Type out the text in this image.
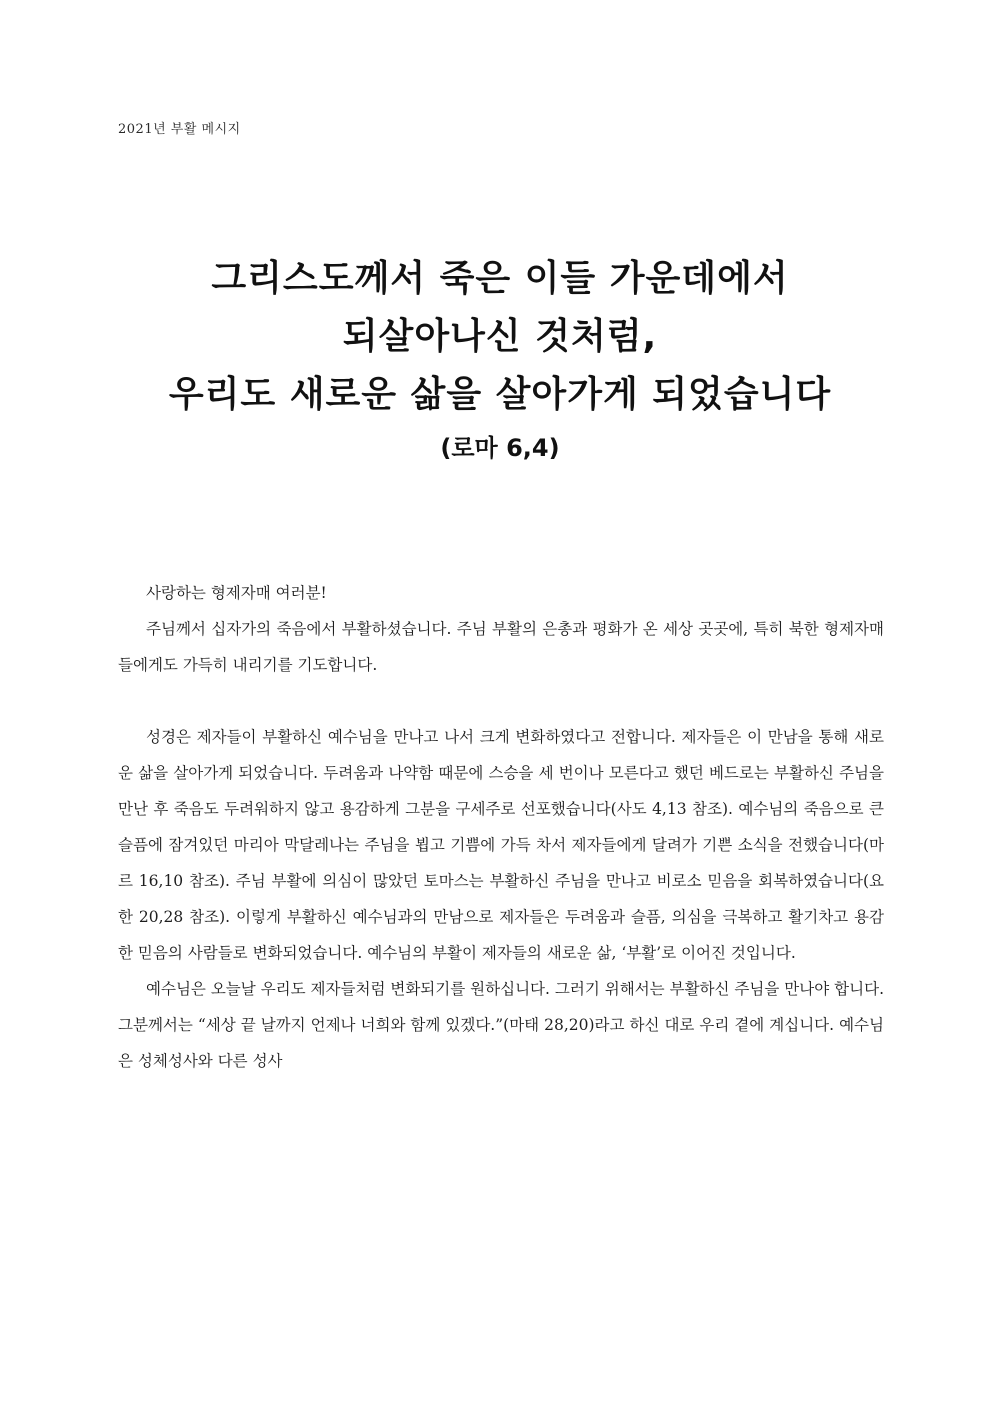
2021년 부활 메시지
그리스도께서 죽은 이들 가운데에서
되살아나신 것처럼,
우리도 새로운 삶을 살아가게 되었습니다
(로마 6,4)

사랑하는 형제자매 여러분!

주님께서 십자가의 죽음에서 부활하셨습니다. 주님 부활의 은총과 평화가 온 세상 곳곳에, 특히 북한 형제자매들에게도 가득히 내리기를 기도합니다.

성경은 제자들이 부활하신 예수님을 만나고 나서 크게 변화하였다고 전합니다. 제자들은 이 만남을 통해 새로운 삶을 살아가게 되었습니다. 두려움과 나약함 때문에 스승을 세 번이나 모른다고 했던 베드로는 부활하신 주님을 만난 후 죽음도 두려워하지 않고 용감하게 그분을 구세주로 선포했습니다(사도 4,13 참조). 예수님의 죽음으로 큰 슬픔에 잠겨있던 마리아 막달레나는 주님을 뵙고 기쁨에 가득 차서 제자들에게 달려가 기쁜 소식을 전했습니다(마르 16,10 참조). 주님 부활에 의심이 많았던 토마스는 부활하신 주님을 만나고 비로소 믿음을 회복하였습니다(요한 20,28 참조). 이렇게 부활하신 예수님과의 만남으로 제자들은 두려움과 슬픔, 의심을 극복하고 활기차고 용감한 믿음의 사람들로 변화되었습니다. 예수님의 부활이 제자들의 새로운 삶, ‘부활’로 이어진 것입니다.

예수님은 오늘날 우리도 제자들처럼 변화되기를 원하십니다. 그러기 위해서는 부활하신 주님을 만나야 합니다. 그분께서는 “세상 끝 날까지 언제나 너희와 함께 있겠다.”(마태 28,20)라고 하신 대로 우리 곁에 계십니다. 예수님은 성체성사와 다른 성사
